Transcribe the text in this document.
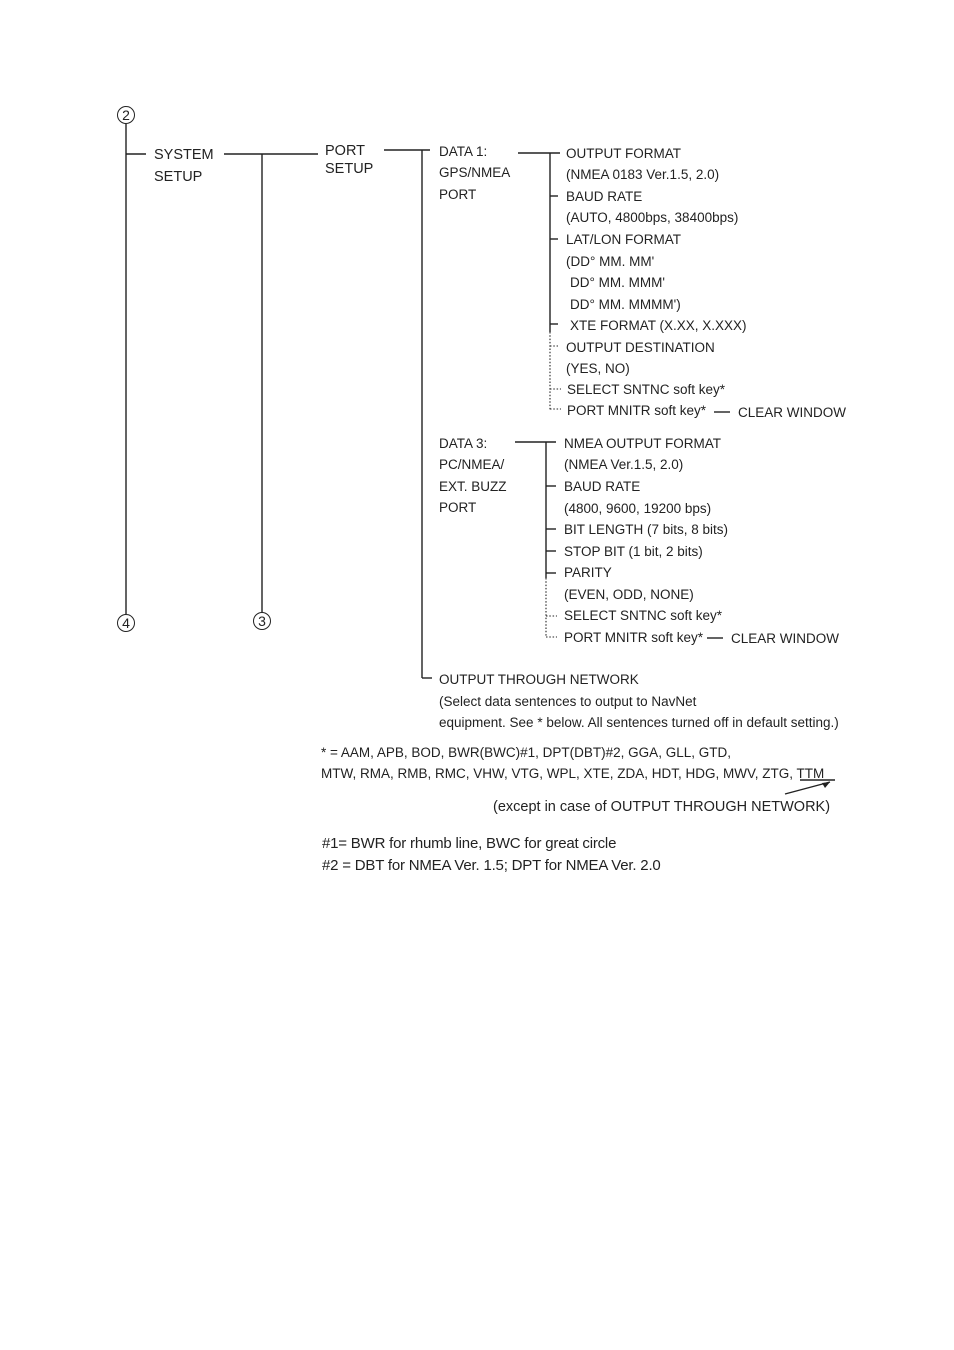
2
4	3
SYSTEM
SETUP
PORT
SETUP
DATA 1:
GPS/NMEA
PORT
OUTPUT FORMAT
(NMEA 0183 Ver.1.5, 2.0)
BAUD RATE
(AUTO, 4800bps, 38400bps)
LAT/LON FORMAT
(DD° MM. MM'
DD° MM. MMM'
DD° MM. MMMM')
XTE FORMAT (X.XX, X.XXX)
OUTPUT DESTINATION
(YES, NO)
SELECT SNTNC soft key*
PORT MNITR soft key* CLEAR WINDOW
DATA 3:
PC/NMEA/
EXT. BUZZ
PORT
NMEA OUTPUT FORMAT
(NMEA Ver.1.5, 2.0)
BAUD RATE
(4800, 9600, 19200 bps)
BIT LENGTH (7 bits, 8 bits)
STOP BIT (1 bit, 2 bits)
PARITY
(EVEN, ODD, NONE)
SELECT SNTNC soft key*
PORT MNITR soft key* CLEAR WINDOW
OUTPUT THROUGH NETWORK
(Select data sentences to output to NavNet
equipment. See * below. All sentences turned off in default setting.)
* = AAM, APB, BOD, BWR(BWC)#1, DPT(DBT)#2, GGA, GLL, GTD,
MTW, RMA, RMB, RMC, VHW, VTG, WPL, XTE, ZDA, HDT, HDG, MWV, ZTG, TTM
(except in case of OUTPUT THROUGH NETWORK)
#1= BWR for rhumb line, BWC for great circle
#2 = DBT for NMEA Ver. 1.5; DPT for NMEA Ver. 2.0
